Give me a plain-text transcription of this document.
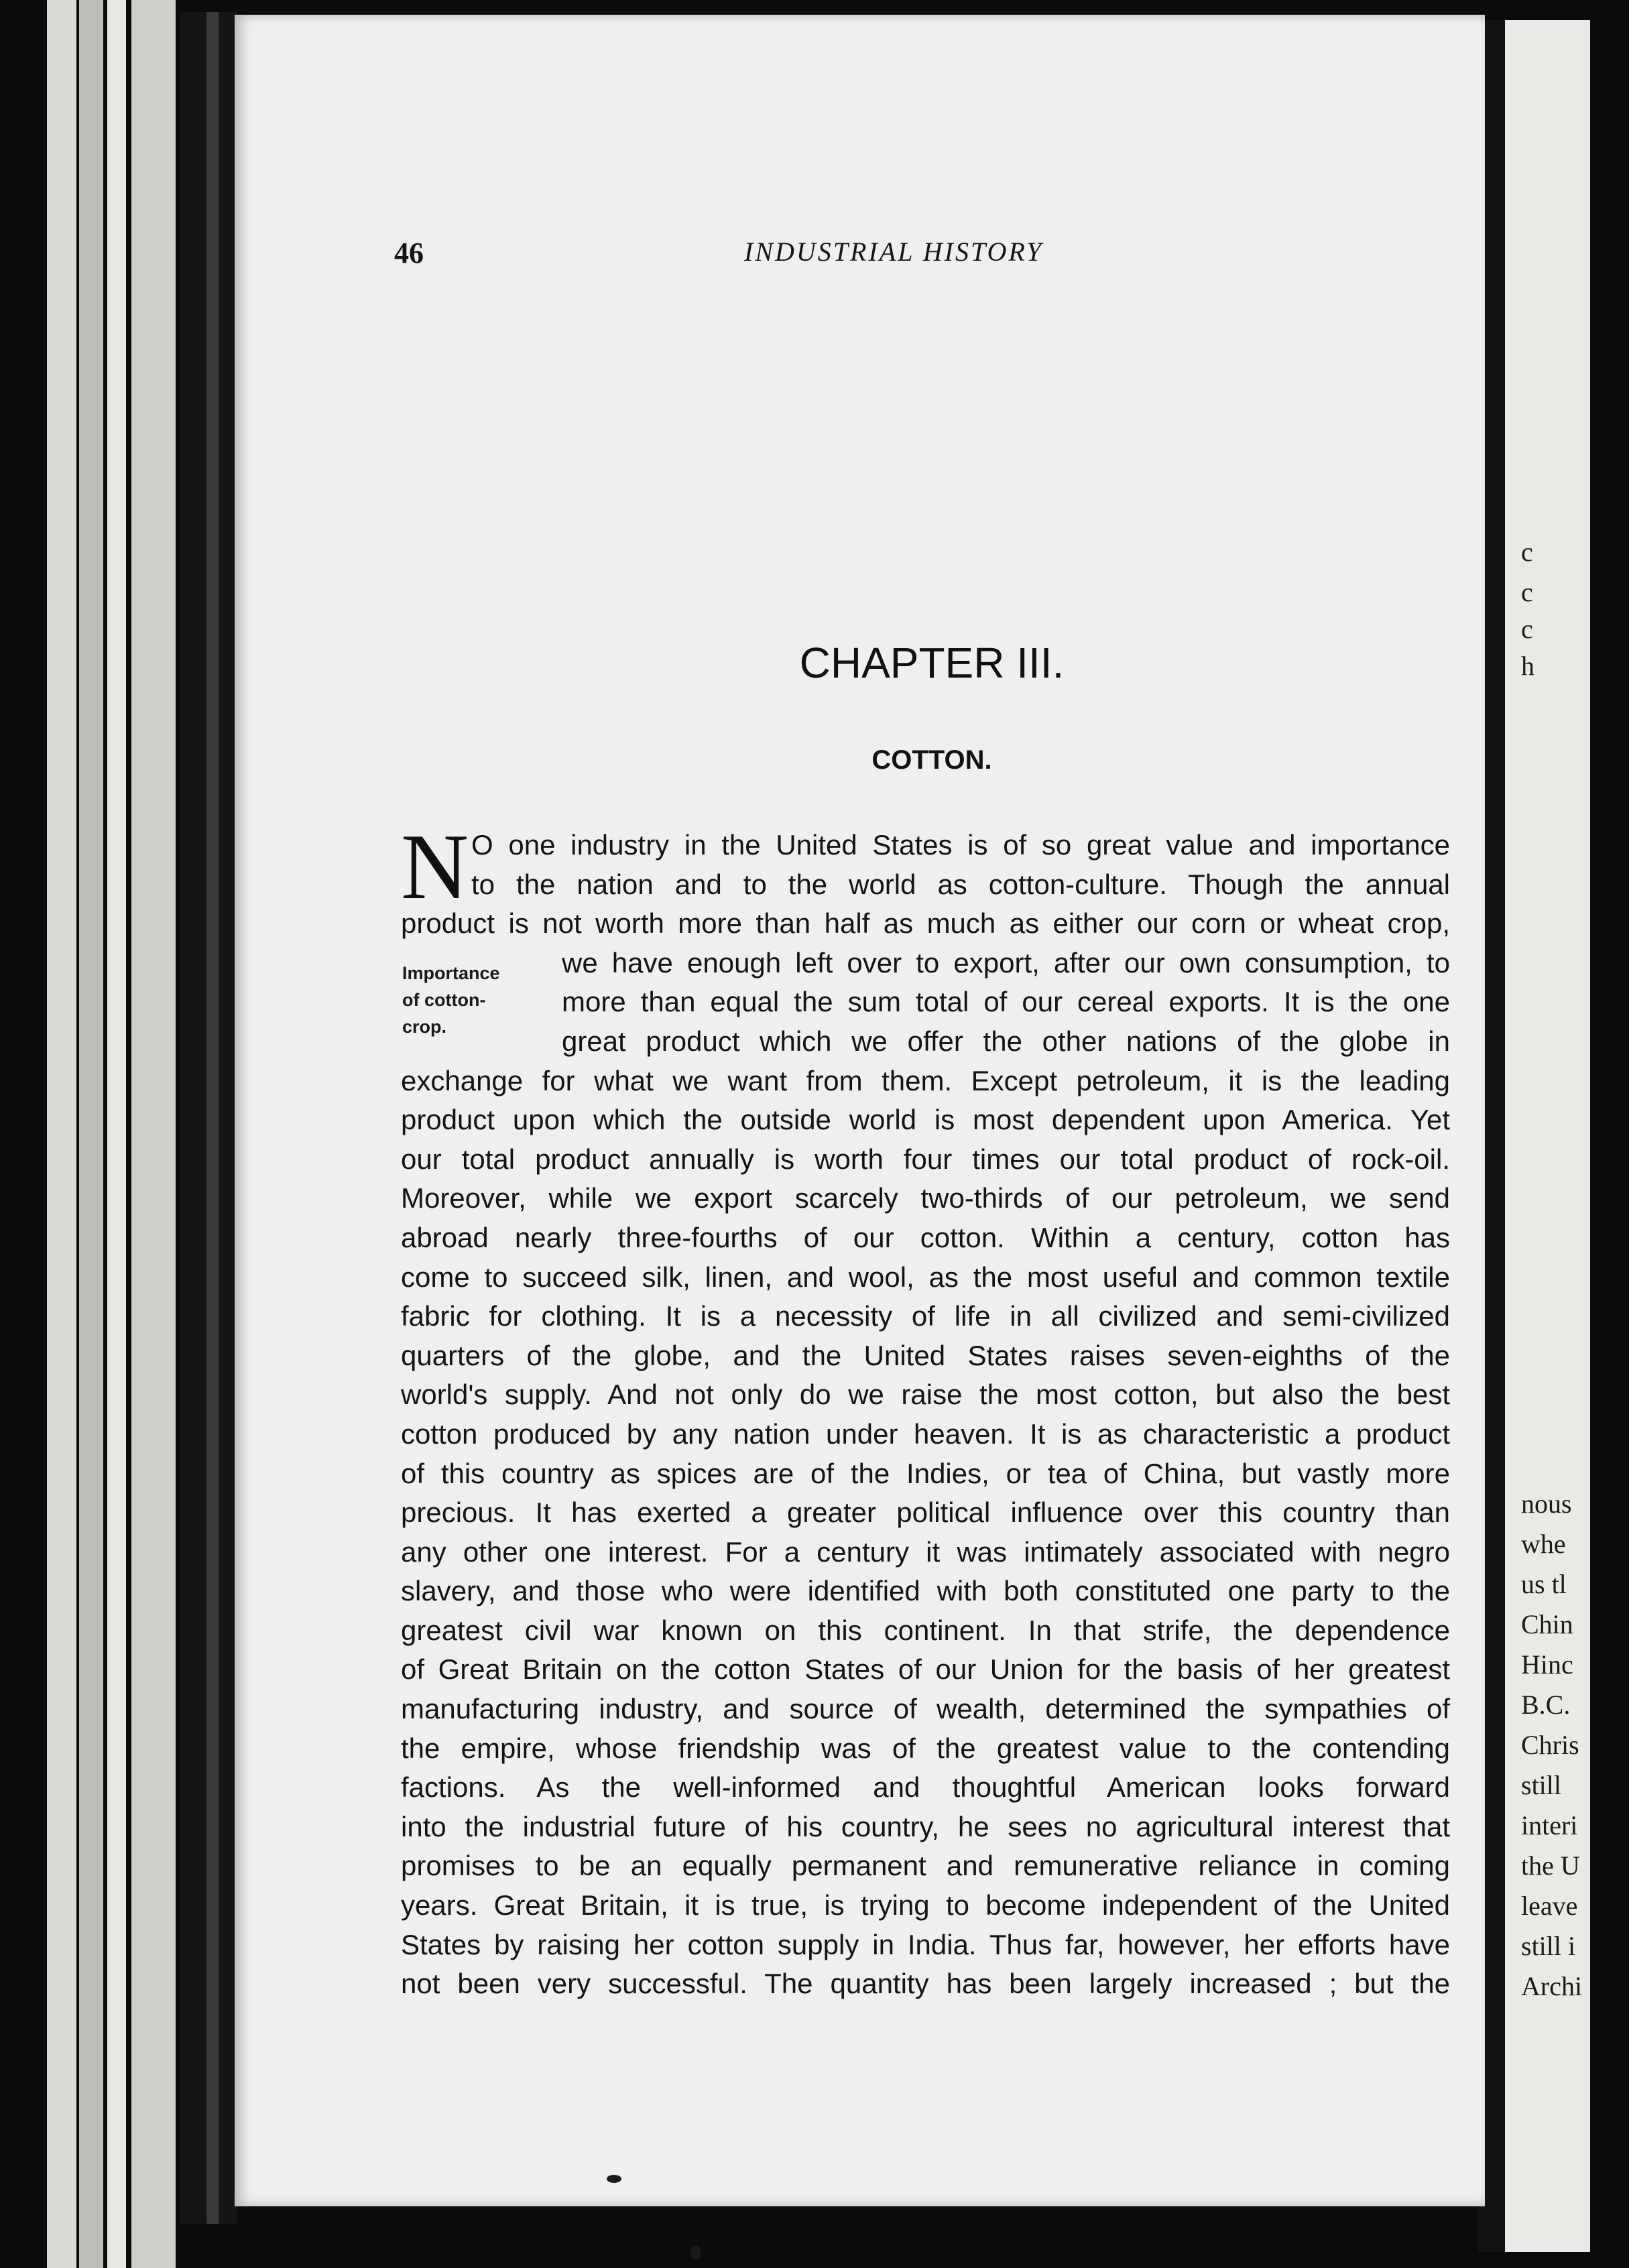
c
c
c
h
nous
whe
us tl
Chin
Hinc
B.C.
Chris
still
interi
the U
leave
still i
Archi
46	INDUSTRIAL HISTORY
CHAPTER III.
COTTON.
N
Importance
of cotton-
crop.
O one industry in the United States is of so great value and importance
to the nation and to the world as cotton-culture. Though the annual
product is not worth more than half as much as either our corn or wheat crop,
we have enough left over to export, after our own consumption, to
more than equal the sum total of our cereal exports. It is the one
great product which we offer the other nations of the globe in
exchange for what we want from them. Except petroleum, it is the leading
product upon which the outside world is most dependent upon America. Yet
our total product annually is worth four times our total product of rock-oil.
Moreover, while we export scarcely two-thirds of our petroleum, we send
abroad nearly three-fourths of our cotton. Within a century, cotton has
come to succeed silk, linen, and wool, as the most useful and common textile
fabric for clothing. It is a necessity of life in all civilized and semi-civilized
quarters of the globe, and the United States raises seven-eighths of the
world's supply. And not only do we raise the most cotton, but also the best
cotton produced by any nation under heaven. It is as characteristic a product
of this country as spices are of the Indies, or tea of China, but vastly more
precious. It has exerted a greater political influence over this country than
any other one interest. For a century it was intimately associated with negro
slavery, and those who were identified with both constituted one party to the
greatest civil war known on this continent. In that strife, the dependence
of Great Britain on the cotton States of our Union for the basis of her greatest
manufacturing industry, and source of wealth, determined the sympathies of
the empire, whose friendship was of the greatest value to the contending
factions. As the well-informed and thoughtful American looks forward
into the industrial future of his country, he sees no agricultural interest that
promises to be an equally permanent and remunerative reliance in coming
years. Great Britain, it is true, is trying to become independent of the United
States by raising her cotton supply in India. Thus far, however, her efforts have
not been very successful. The quantity has been largely increased ; but the
